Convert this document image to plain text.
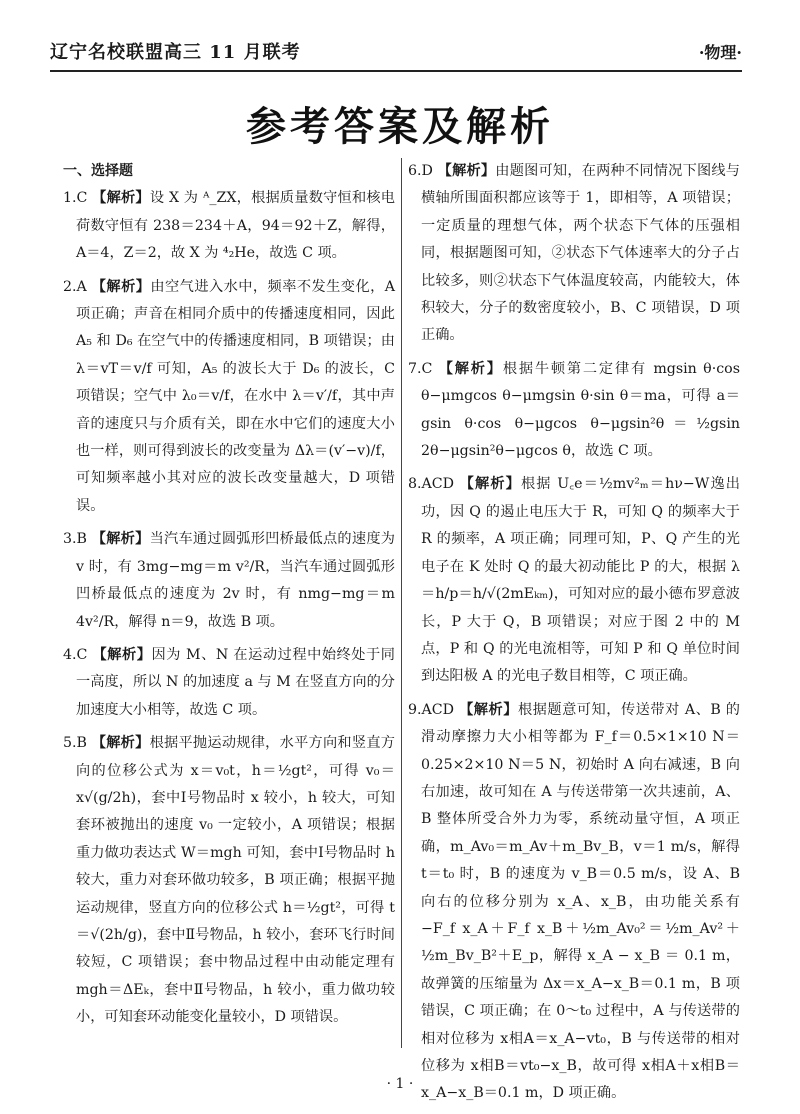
辽宁名校联盟高三 11 月联考	·物理·
参考答案及解析
一、选择题

1.C 【解析】设 X 为 ᴬ_ZX，根据质量数守恒和核电荷数守恒有 238＝234＋A，94＝92＋Z，解得，A＝4，Z＝2，故 X 为 ⁴₂He，故选 C 项。

2.A 【解析】由空气进入水中，频率不发生变化，A 项正确；声音在相同介质中的传播速度相同，因此 A₅ 和 D₆ 在空气中的传播速度相同，B 项错误；由 λ＝vT＝v/f 可知，A₅ 的波长大于 D₆ 的波长，C 项错误；空气中 λ₀＝v/f，在水中 λ＝v′/f，其中声音的速度只与介质有关，即在水中它们的速度大小也一样，则可得到波长的改变量为 Δλ＝(v′−v)/f，可知频率越小其对应的波长改变量越大，D 项错误。

3.B 【解析】当汽车通过圆弧形凹桥最低点的速度为 v 时，有 3mg−mg＝m v²/R，当汽车通过圆弧形凹桥最低点的速度为 2v 时，有 nmg−mg＝m 4v²/R，解得 n＝9，故选 B 项。

4.C 【解析】因为 M、N 在运动过程中始终处于同一高度，所以 N 的加速度 a 与 M 在竖直方向的分加速度大小相等，故选 C 项。

5.B 【解析】根据平抛运动规律，水平方向和竖直方向的位移公式为 x＝v₀t，h＝½gt²，可得 v₀＝x√(g/2h)，套中Ⅰ号物品时 x 较小，h 较大，可知套环被抛出的速度 v₀ 一定较小，A 项错误；根据重力做功表达式 W＝mgh 可知，套中Ⅰ号物品时 h 较大，重力对套环做功较多，B 项正确；根据平抛运动规律，竖直方向的位移公式 h＝½gt²，可得 t＝√(2h/g)，套中Ⅱ号物品，h 较小，套环飞行时间较短，C 项错误；套中物品过程中由动能定理有 mgh＝ΔEₖ，套中Ⅱ号物品，h 较小，重力做功较小，可知套环动能变化量较小，D 项错误。

6.D 【解析】由题图可知，在两种不同情况下图线与横轴所围面积都应该等于 1，即相等，A 项错误；一定质量的理想气体，两个状态下气体的压强相同，根据题图可知，②状态下气体速率大的分子占比较多，则②状态下气体温度较高，内能较大，体积较大，分子的数密度较小，B、C 项错误，D 项正确。

7.C 【解析】根据牛顿第二定律有 mgsin θ·cos θ−μmgcos θ−μmgsin θ·sin θ＝ma，可得 a＝gsin θ·cos θ−μgcos θ−μgsin²θ＝½gsin 2θ−μgsin²θ−μgcos θ，故选 C 项。

8.ACD 【解析】根据 U꜀e＝½mv²ₘ＝hν−W逸出功，因 Q 的遏止电压大于 R，可知 Q 的频率大于 R 的频率，A 项正确；同理可知，P、Q 产生的光电子在 K 处时 Q 的最大初动能比 P 的大，根据 λ＝h/p＝h/√(2mEₖₘ)，可知对应的最小德布罗意波长，P 大于 Q，B 项错误；对应于图 2 中的 M 点，P 和 Q 的光电流相等，可知 P 和 Q 单位时间到达阳极 A 的光电子数目相等，C 项正确。

9.ACD 【解析】根据题意可知，传送带对 A、B 的滑动摩擦力大小相等都为 F_f＝0.5×1×10 N＝0.25×2×10 N＝5 N，初始时 A 向右减速，B 向右加速，故可知在 A 与传送带第一次共速前，A、B 整体所受合外力为零，系统动量守恒，A 项正确，m_Av₀＝m_Av＋m_Bv_B，v＝1 m/s，解得 t＝t₀ 时，B 的速度为 v_B＝0.5 m/s，设 A、B 向右的位移分别为 x_A、x_B，由功能关系有 −F_f x_A＋F_f x_B＋½m_Av₀²＝½m_Av²＋½m_Bv_B²＋E_p，解得 x_A − x_B ＝ 0.1 m，故弹簧的压缩量为 Δx＝x_A−x_B＝0.1 m，B 项错误，C 项正确；在 0～t₀ 过程中，A 与传送带的相对位移为 x相A＝x_A−vt₀，B 与传送带的相对位移为 x相B＝vt₀−x_B，故可得 x相A＋x相B＝x_A−x_B＝0.1 m，D 项正确。

· 1 ·
